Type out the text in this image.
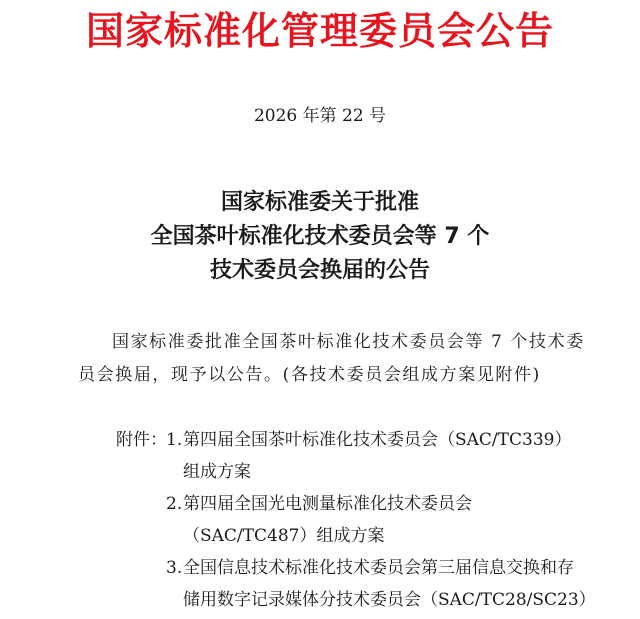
国家标准化管理委员会公告
2026 年第 22 号
国家标准委关于批准
全国茶叶标准化技术委员会等 7 个
技术委员会换届的公告
国家标准委批准全国茶叶标准化技术委员会等 7 个技术委
员会换届，现予以公告。(各技术委员会组成方案见附件)
附件： 1. 第四届全国茶叶标准化技术委员会（SAC/TC339）
组成方案
2. 第四届全国光电测量标准化技术委员会
（SAC/TC487）组成方案
3. 全国信息技术标准化技术委员会第三届信息交换和存
储用数字记录媒体分技术委员会（SAC/TC28/SC23）
